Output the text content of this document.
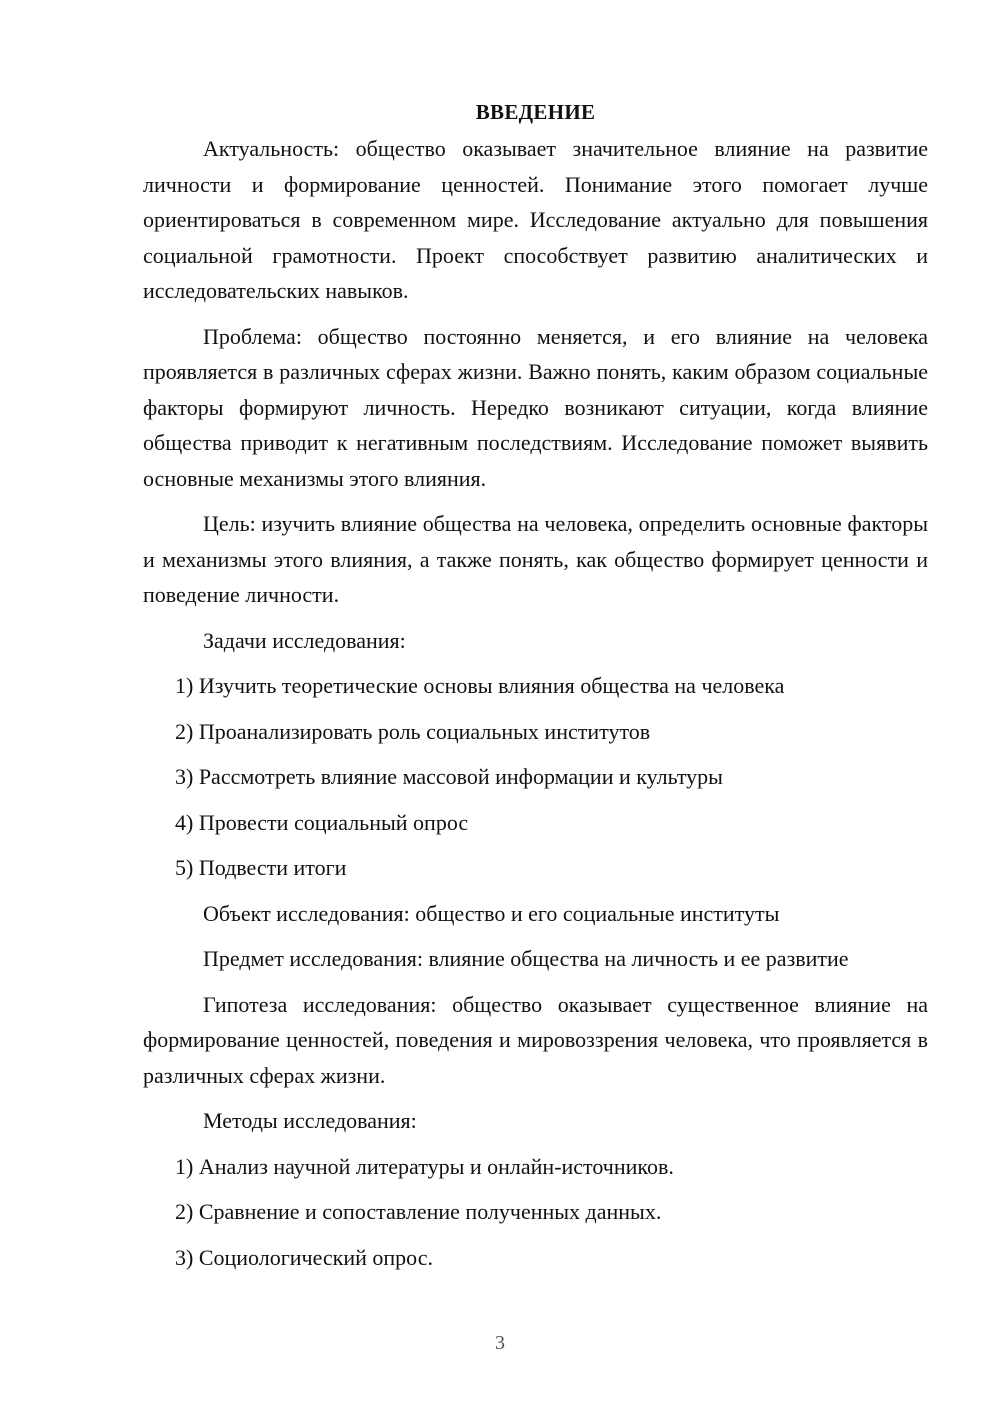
ВВЕДЕНИЕ

Актуальность: общество оказывает значительное влияние на развитие личности и формирование ценностей. Понимание этого помогает лучше ориентироваться в современном мире. Исследование актуально для повышения социальной грамотности. Проект способствует развитию аналитических и исследовательских навыков.

Проблема: общество постоянно меняется, и его влияние на человека проявляется в различных сферах жизни. Важно понять, каким образом социальные факторы формируют личность. Нередко возникают ситуации, когда влияние общества приводит к негативным последствиям. Исследование поможет выявить основные механизмы этого влияния.

Цель: изучить влияние общества на человека, определить основные факторы и механизмы этого влияния, а также понять, как общество формирует ценности и поведение личности.

Задачи исследования:

1) Изучить теоретические основы влияния общества на человека

2) Проанализировать роль социальных институтов

3) Рассмотреть влияние массовой информации и культуры

4) Провести социальный опрос

5) Подвести итоги

Объект исследования: общество и его социальные институты

Предмет исследования: влияние общества на личность и ее развитие

Гипотеза исследования: общество оказывает существенное влияние на формирование ценностей, поведения и мировоззрения человека, что проявляется в различных сферах жизни.

Методы исследования:

1) Анализ научной литературы и онлайн-источников.

2) Сравнение и сопоставление полученных данных.

3) Социологический опрос.

3
